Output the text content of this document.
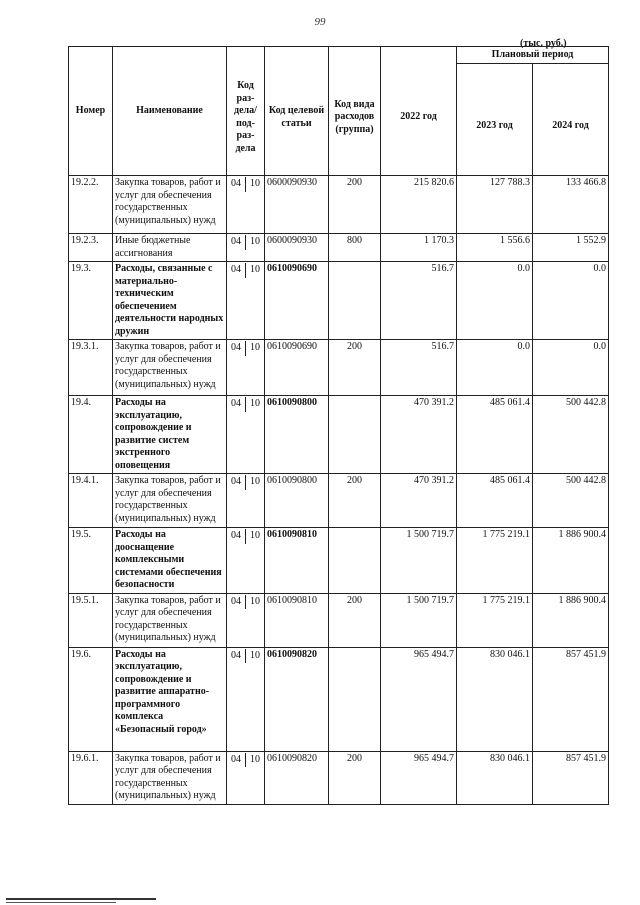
99
(тыс. руб.)
Номер	Наименование	Код раз- дела/ под- раз- дела	Код целевой статьи	Код вида расходов (группа)	2022 год	Плановый период	
						2023 год	2024 год
19.2.2.	Закупка товаров, работ и услуг для обеспечения государственных (муниципальных) нужд	04 10	0600090930	200	215 820.6	127 788.3	133 466.8
19.2.3.	Иные бюджетные ассигнования	04 10	0600090930	800	1 170.3	1 556.6	1 552.9
19.3.	Расходы, связанные с материально-техническим обеспечением деятельности народных дружин	04 10	0610090690		516.7	0.0	0.0
19.3.1.	Закупка товаров, работ и услуг для обеспечения государственных (муниципальных) нужд	04 10	0610090690	200	516.7	0.0	0.0
19.4.	Расходы на эксплуатацию, сопровождение и развитие систем экстренного оповещения	04 10	0610090800		470 391.2	485 061.4	500 442.8
19.4.1.	Закупка товаров, работ и услуг для обеспечения государственных (муниципальных) нужд	04 10	0610090800	200	470 391.2	485 061.4	500 442.8
19.5.	Расходы на дооснащение комплексными системами обеспечения безопасности	04 10	0610090810		1 500 719.7	1 775 219.1	1 886 900.4
19.5.1.	Закупка товаров, работ и услуг для обеспечения государственных (муниципальных) нужд	04 10	0610090810	200	1 500 719.7	1 775 219.1	1 886 900.4
19.6.	Расходы на эксплуатацию, сопровождение и развитие аппаратно-программного комплекса «Безопасный город»	04 10	0610090820		965 494.7	830 046.1	857 451.9
19.6.1.	Закупка товаров, работ и услуг для обеспечения государственных (муниципальных) нужд	04 10	0610090820	200	965 494.7	830 046.1	857 451.9
